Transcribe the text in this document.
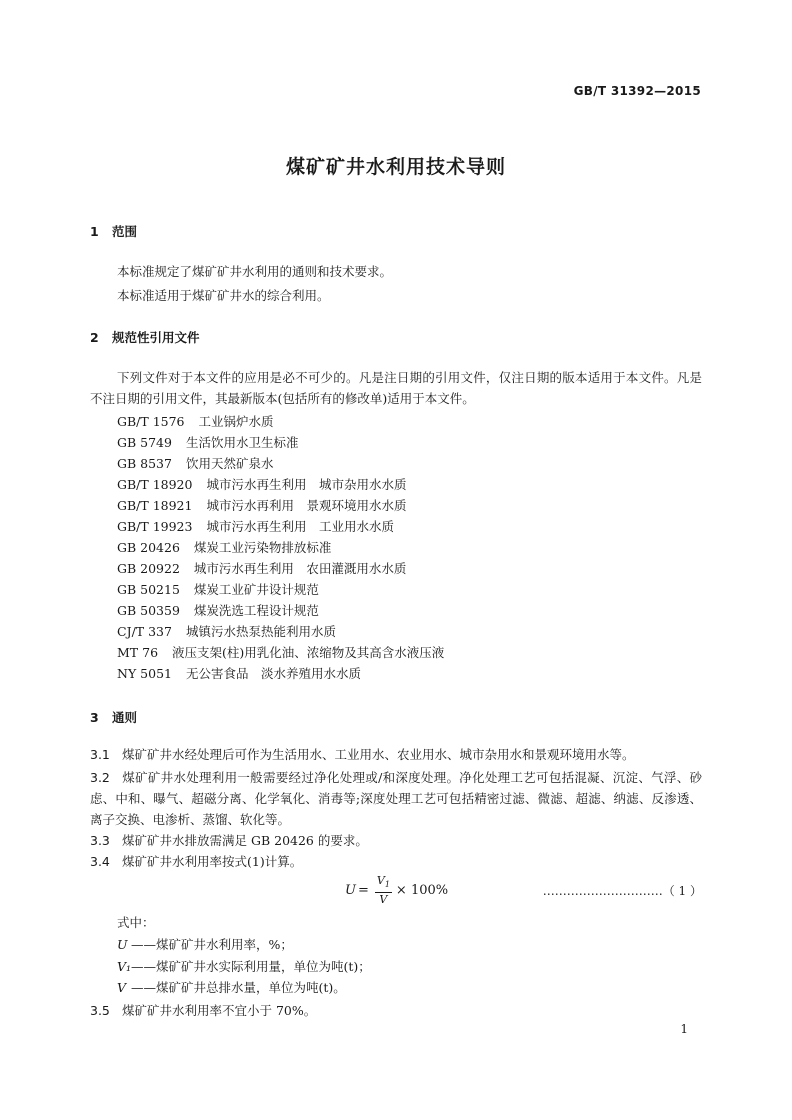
GB/T 31392—2015
煤矿矿井水利用技术导则
1 范围
本标准规定了煤矿矿井水利用的通则和技术要求。
本标准适用于煤矿矿井水的综合利用。
2 规范性引用文件
下列文件对于本文件的应用是必不可少的。凡是注日期的引用文件，仅注日期的版本适用于本文件。凡是不注日期的引用文件，其最新版本(包括所有的修改单)适用于本文件。
GB/T 1576 工业锅炉水质
GB 5749 生活饮用水卫生标准
GB 8537 饮用天然矿泉水
GB/T 18920 城市污水再生利用　城市杂用水水质
GB/T 18921 城市污水再利用　景观环境用水水质
GB/T 19923 城市污水再生利用　工业用水水质
GB 20426 煤炭工业污染物排放标准
GB 20922 城市污水再生利用　农田灌溉用水水质
GB 50215 煤炭工业矿井设计规范
GB 50359 煤炭洗选工程设计规范
CJ/T 337 城镇污水热泵热能利用水质
MT 76 液压支架(柱)用乳化油、浓缩物及其高含水液压液
NY 5051 无公害食品　淡水养殖用水水质
3 通则
3.1 煤矿矿井水经处理后可作为生活用水、工业用水、农业用水、城市杂用水和景观环境用水等。
3.2 煤矿矿井水处理利用一般需要经过净化处理或/和深度处理。净化处理工艺可包括混凝、沉淀、气浮、砂虑、中和、曝气、超磁分离、化学氧化、消毒等;深度处理工艺可包括精密过滤、微滤、超滤、纳滤、反渗透、离子交换、电渗析、蒸馏、软化等。
3.3 煤矿矿井水排放需满足 GB 20426 的要求。
3.4 煤矿矿井水利用率按式(1)计算。
$U = \frac{V_1}{V} \times 100\%$	…………………………（ 1 ）
式中：
U ——煤矿矿井水利用率，%；
V₁——煤矿矿井水实际利用量，单位为吨(t)；
V ——煤矿矿井总排水量，单位为吨(t)。
3.5 煤矿矿井水利用率不宜小于 70%。
1
